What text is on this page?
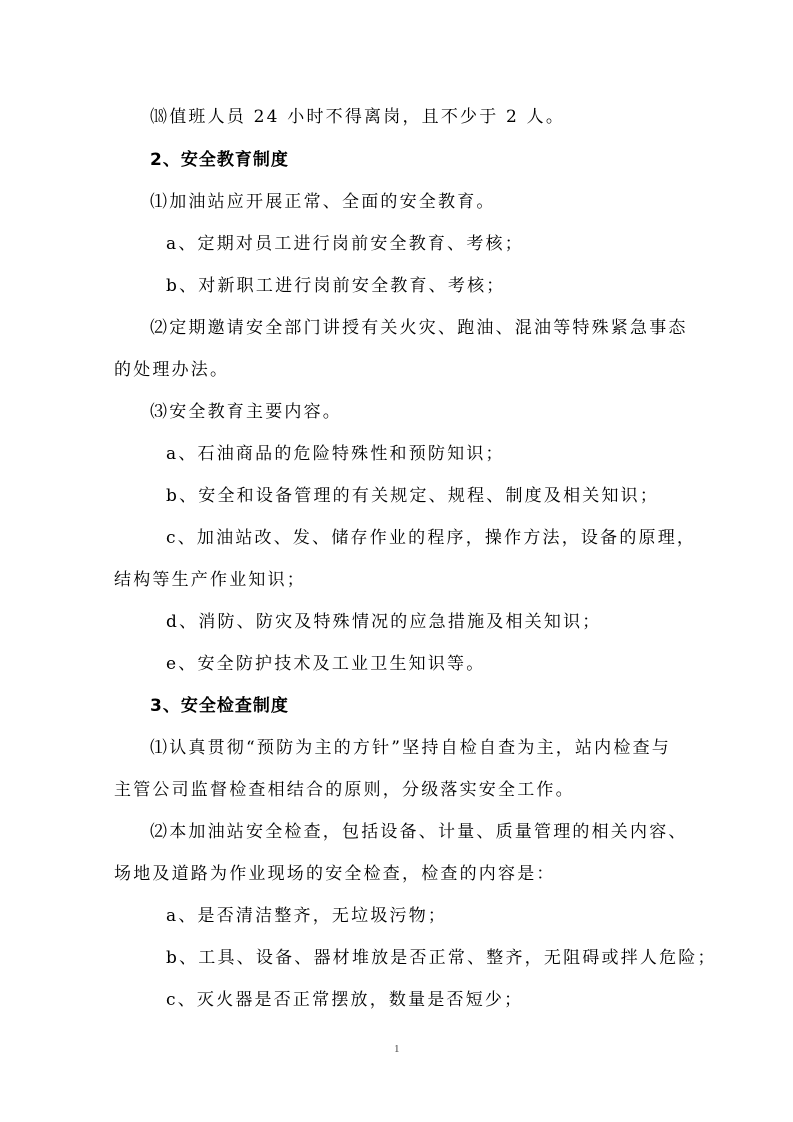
⒅值班人员 24 小时不得离岗，且不少于 2 人。
2、安全教育制度
⑴加油站应开展正常、全面的安全教育。
a、定期对员工进行岗前安全教育、考核；
b、对新职工进行岗前安全教育、考核；
⑵定期邀请安全部门讲授有关火灾、跑油、混油等特殊紧急事态
的处理办法。
⑶安全教育主要内容。
a、石油商品的危险特殊性和预防知识；
b、安全和设备管理的有关规定、规程、制度及相关知识；
c、加油站改、发、储存作业的程序，操作方法，设备的原理，
结构等生产作业知识；
d、消防、防灾及特殊情况的应急措施及相关知识；
e、安全防护技术及工业卫生知识等。
3、安全检查制度
⑴认真贯彻“预防为主的方针”坚持自检自查为主，站内检查与
主管公司监督检查相结合的原则，分级落实安全工作。
⑵本加油站安全检查，包括设备、计量、质量管理的相关内容、
场地及道路为作业现场的安全检查，检查的内容是：
a、是否清洁整齐，无垃圾污物；
b、工具、设备、器材堆放是否正常、整齐，无阻碍或拌人危险；
c、灭火器是否正常摆放，数量是否短少；
1
